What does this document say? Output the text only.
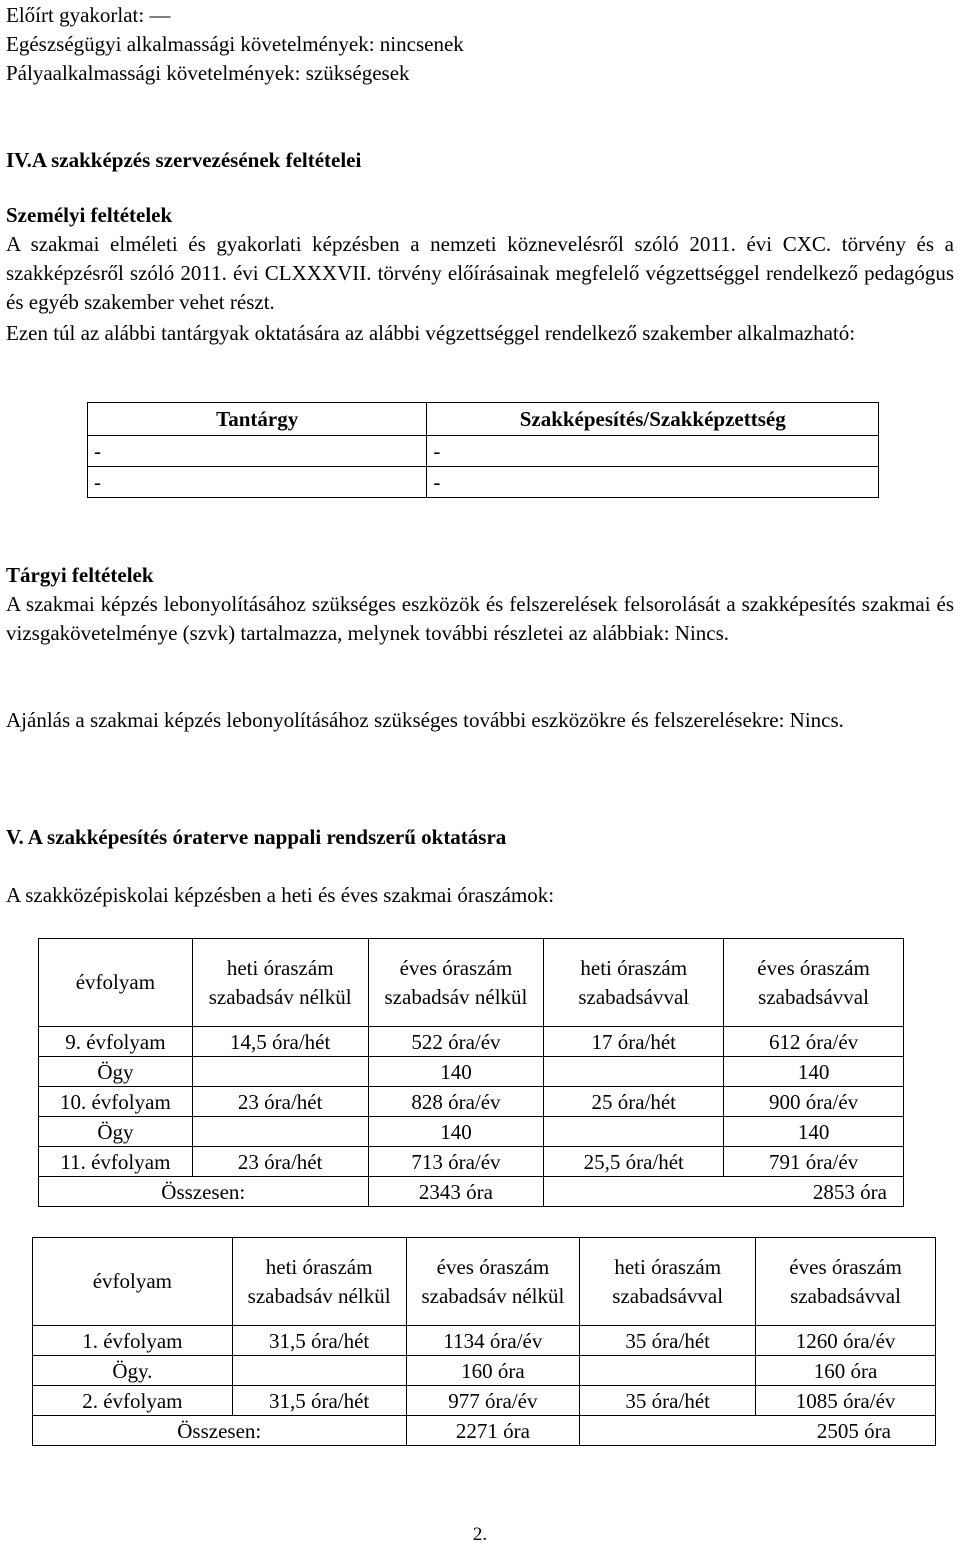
Előírt gyakorlat: —
Egészségügyi alkalmassági követelmények: nincsenek
Pályaalkalmassági követelmények: szükségesek
IV.A szakképzés szervezésének feltételei
Személyi feltételek
A szakmai elméleti és gyakorlati képzésben a nemzeti köznevelésről szóló 2011. évi CXC. törvény és a szakképzésről szóló 2011. évi CLXXXVII. törvény előírásainak megfelelő végzettséggel rendelkező pedagógus és egyéb szakember vehet részt.
Ezen túl az alábbi tantárgyak oktatására az alábbi végzettséggel rendelkező szakember alkalmazható:
Tantárgy	Szakképesítés/Szakképzettség
-	-
-	-
Tárgyi feltételek
A szakmai képzés lebonyolításához szükséges eszközök és felszerelések felsorolását a szakképesítés szakmai és vizsgakövetelménye (szvk) tartalmazza, melynek további részletei az alábbiak: Nincs.
Ajánlás a szakmai képzés lebonyolításához szükséges további eszközökre és felszerelésekre: Nincs.
V. A szakképesítés óraterve nappali rendszerű oktatásra
A szakközépiskolai képzésben a heti és éves szakmai óraszámok:
évfolyam	heti óraszám szabadsáv nélkül	éves óraszám szabadsáv nélkül	heti óraszám szabadsávval	éves óraszám szabadsávval
9. évfolyam	14,5 óra/hét	522 óra/év	17 óra/hét	612 óra/év
Ögy		140		140
10. évfolyam	23 óra/hét	828 óra/év	25 óra/hét	900 óra/év
Ögy		140		140
11. évfolyam	23 óra/hét	713 óra/év	25,5 óra/hét	791 óra/év
Összesen:		2343 óra	2853 óra	
évfolyam	heti óraszám szabadsáv nélkül	éves óraszám szabadsáv nélkül	heti óraszám szabadsávval	éves óraszám szabadsávval
1. évfolyam	31,5 óra/hét	1134 óra/év	35 óra/hét	1260 óra/év
Ögy.		160 óra		160 óra
2. évfolyam	31,5 óra/hét	977 óra/év	35 óra/hét	1085 óra/év
Összesen:		2271 óra	2505 óra	
2.
